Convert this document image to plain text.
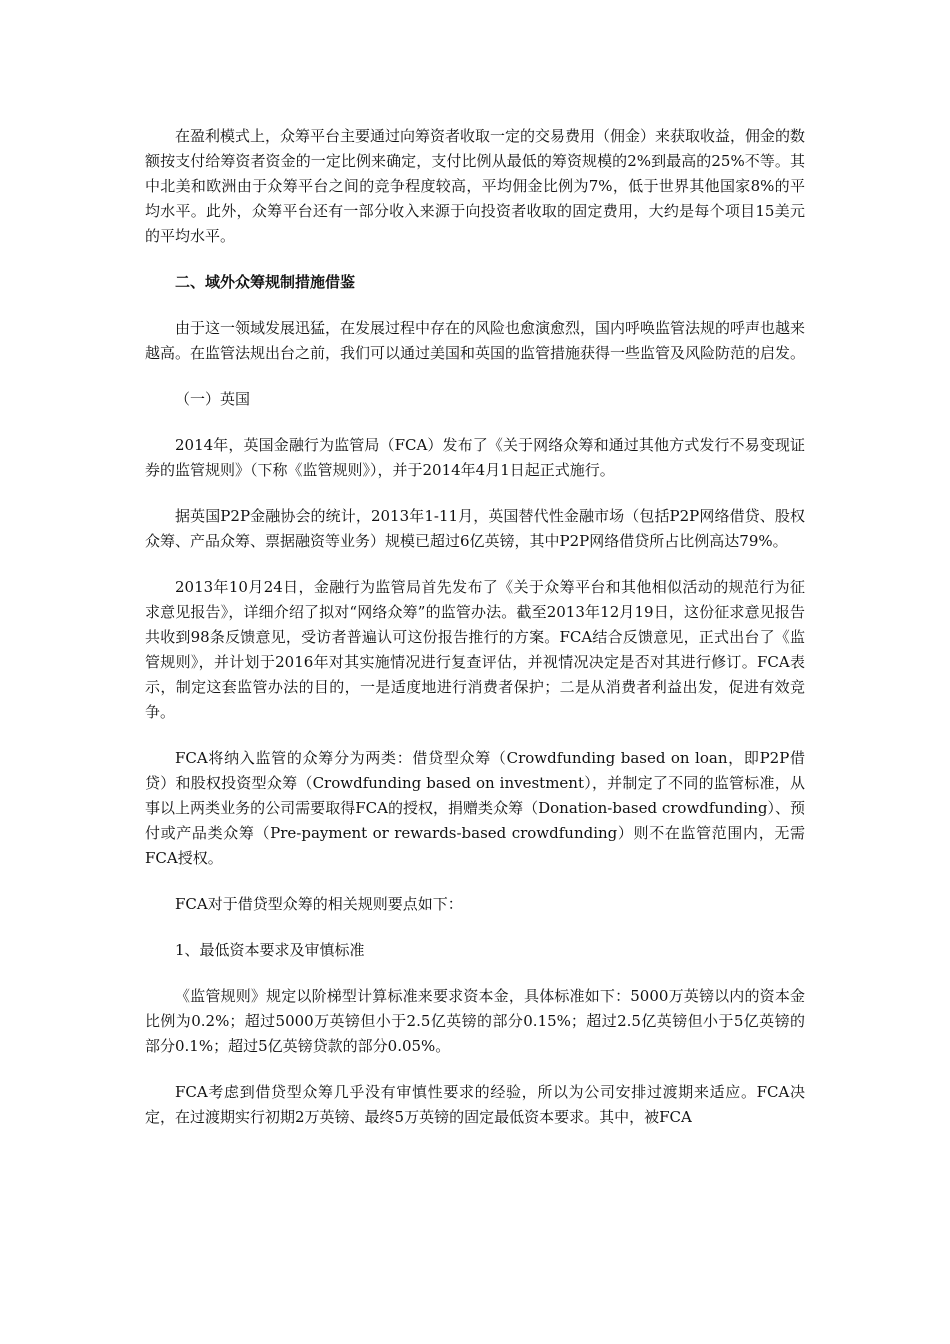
在盈利模式上，众筹平台主要通过向筹资者收取一定的交易费用（佣金）来获取收益，佣金的数额按支付给筹资者资金的一定比例来确定，支付比例从最低的筹资规模的2%到最高的25%不等。其中北美和欧洲由于众筹平台之间的竞争程度较高，平均佣金比例为7%，低于世界其他国家8%的平均水平。此外，众筹平台还有一部分收入来源于向投资者收取的固定费用，大约是每个项目15美元的平均水平。

二、域外众筹规制措施借鉴

由于这一领域发展迅猛，在发展过程中存在的风险也愈演愈烈，国内呼唤监管法规的呼声也越来越高。在监管法规出台之前，我们可以通过美国和英国的监管措施获得一些监管及风险防范的启发。

（一）英国

2014年，英国金融行为监管局（FCA）发布了《关于网络众筹和通过其他方式发行不易变现证券的监管规则》（下称《监管规则》），并于2014年4月1日起正式施行。

据英国P2P金融协会的统计，2013年1-11月，英国替代性金融市场（包括P2P网络借贷、股权众筹、产品众筹、票据融资等业务）规模已超过6亿英镑，其中P2P网络借贷所占比例高达79%。

2013年10月24日，金融行为监管局首先发布了《关于众筹平台和其他相似活动的规范行为征求意见报告》，详细介绍了拟对“网络众筹”的监管办法。截至2013年12月19日，这份征求意见报告共收到98条反馈意见，受访者普遍认可这份报告推行的方案。FCA结合反馈意见，正式出台了《监管规则》，并计划于2016年对其实施情况进行复查评估，并视情况决定是否对其进行修订。FCA表示，制定这套监管办法的目的，一是适度地进行消费者保护；二是从消费者利益出发，促进有效竞争。

FCA将纳入监管的众筹分为两类：借贷型众筹（Crowdfunding based on loan，即P2P借贷）和股权投资型众筹（Crowdfunding based on investment），并制定了不同的监管标准，从事以上两类业务的公司需要取得FCA的授权，捐赠类众筹（Donation-based crowdfunding）、预付或产品类众筹（Pre-payment or rewards-based crowdfunding）则不在监管范围内，无需FCA授权。

FCA对于借贷型众筹的相关规则要点如下：

1、最低资本要求及审慎标准

《监管规则》规定以阶梯型计算标准来要求资本金，具体标准如下：5000万英镑以内的资本金比例为0.2%；超过5000万英镑但小于2.5亿英镑的部分0.15%；超过2.5亿英镑但小于5亿英镑的部分0.1%；超过5亿英镑贷款的部分0.05%。

FCA考虑到借贷型众筹几乎没有审慎性要求的经验，所以为公司安排过渡期来适应。FCA决定，在过渡期实行初期2万英镑、最终5万英镑的固定最低资本要求。其中，被FCA
